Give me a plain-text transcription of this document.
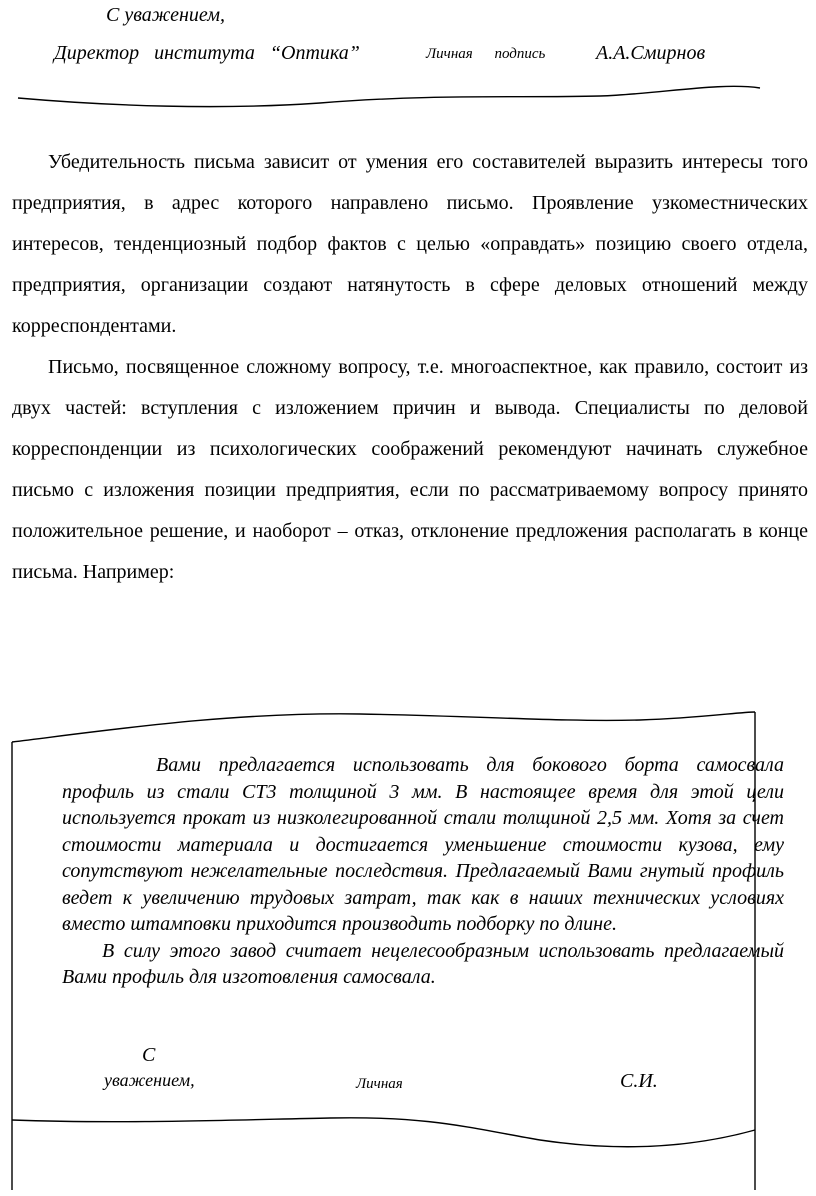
С уважением,
Директор института “Оптика”	Личная подпись	А.А.Смирнов

Убедительность письма зависит от умения его составителей выразить интересы того предприятия, в адрес которого направлено письмо. Проявление узкоместнических интересов, тенденциозный подбор фактов с целью «оправдать» позицию своего отдела, предприятия, организации создают натянутость в сфере деловых отношений между корреспондентами.

Письмо, посвященное сложному вопросу, т.е. многоаспектное, как правило, состоит из двух частей: вступления с изложением причин и вывода. Специалисты по деловой корреспонденции из психологических соображений рекомендуют начинать служебное письмо с изложения позиции предприятия, если по рассматриваемому вопросу принято положительное решение, и наоборот – отказ, отклонение предложения располагать в конце письма. Например:

Вами предлагается использовать для бокового борта самосвала профиль из стали СТ3 толщиной 3 мм. В настоящее время для этой цели используется прокат из низколегированной стали толщиной 2,5 мм. Хотя за счет стоимости материала и достигается уменьшение стоимости кузова, ему сопутствуют нежелательные последствия. Предлагаемый Вами гнутый профиль ведет к увеличению трудовых затрат, так как в наших технических условиях вместо штамповки приходится производить подборку по длине.

В силу этого завод считает нецелесообразным использовать предлагаемый Вами профиль для изготовления самосвала.

С
уважением,	Личная	С.И.
